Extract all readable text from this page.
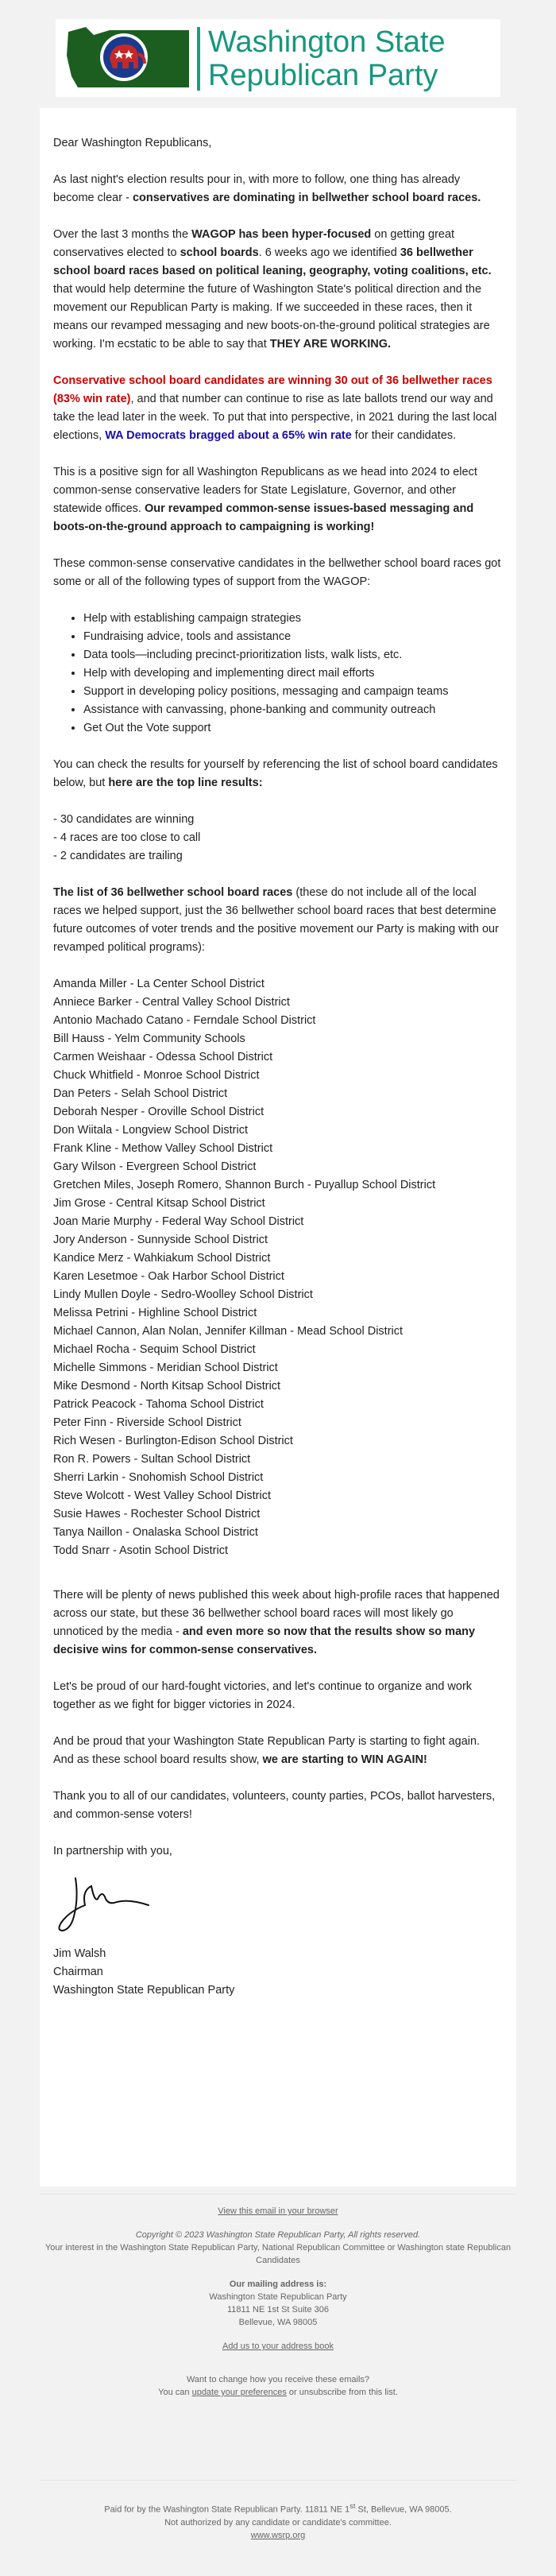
Washington State
Republican Party

Dear Washington Republicans,

As last night's election results pour in, with more to follow, one thing has already become clear - conservatives are dominating in bellwether school board races.

Over the last 3 months the WAGOP has been hyper-focused on getting great conservatives elected to school boards. 6 weeks ago we identified 36 bellwether school board races based on political leaning, geography, voting coalitions, etc. that would help determine the future of Washington State's political direction and the movement our Republican Party is making. If we succeeded in these races, then it means our revamped messaging and new boots-on-the-ground political strategies are working. I'm ecstatic to be able to say that THEY ARE WORKING.

Conservative school board candidates are winning 30 out of 36 bellwether races (83% win rate), and that number can continue to rise as late ballots trend our way and take the lead later in the week. To put that into perspective, in 2021 during the last local elections, WA Democrats bragged about a 65% win rate for their candidates.

This is a positive sign for all Washington Republicans as we head into 2024 to elect common-sense conservative leaders for State Legislature, Governor, and other statewide offices. Our revamped common-sense issues-based messaging and boots-on-the-ground approach to campaigning is working!

These common-sense conservative candidates in the bellwether school board races got some or all of the following types of support from the WAGOP:

• Help with establishing campaign strategies
• Fundraising advice, tools and assistance
• Data tools—including precinct-prioritization lists, walk lists, etc.
• Help with developing and implementing direct mail efforts
• Support in developing policy positions, messaging and campaign teams
• Assistance with canvassing, phone-banking and community outreach
• Get Out the Vote support

You can check the results for yourself by referencing the list of school board candidates below, but here are the top line results:

- 30 candidates are winning
- 4 races are too close to call
- 2 candidates are trailing

The list of 36 bellwether school board races (these do not include all of the local races we helped support, just the 36 bellwether school board races that best determine future outcomes of voter trends and the positive movement our Party is making with our revamped political programs):

Amanda Miller - La Center School District
Anniece Barker - Central Valley School District
Antonio Machado Catano - Ferndale School District
Bill Hauss - Yelm Community Schools
Carmen Weishaar - Odessa School District
Chuck Whitfield - Monroe School District
Dan Peters - Selah School District
Deborah Nesper - Oroville School District
Don Wiitala - Longview School District
Frank Kline - Methow Valley School District
Gary Wilson - Evergreen School District
Gretchen Miles, Joseph Romero, Shannon Burch - Puyallup School District
Jim Grose - Central Kitsap School District
Joan Marie Murphy - Federal Way School District
Jory Anderson - Sunnyside School District
Kandice Merz - Wahkiakum School District
Karen Lesetmoe - Oak Harbor School District
Lindy Mullen Doyle - Sedro-Woolley School District
Melissa Petrini - Highline School District
Michael Cannon, Alan Nolan, Jennifer Killman - Mead School District
Michael Rocha - Sequim School District
Michelle Simmons - Meridian School District
Mike Desmond - North Kitsap School District
Patrick Peacock - Tahoma School District
Peter Finn - Riverside School District
Rich Wesen - Burlington-Edison School District
Ron R. Powers - Sultan School District
Sherri Larkin - Snohomish School District
Steve Wolcott - West Valley School District
Susie Hawes - Rochester School District
Tanya Naillon - Onalaska School District
Todd Snarr - Asotin School District

There will be plenty of news published this week about high-profile races that happened across our state, but these 36 bellwether school board races will most likely go unnoticed by the media - and even more so now that the results show so many decisive wins for common-sense conservatives.

Let's be proud of our hard-fought victories, and let's continue to organize and work together as we fight for bigger victories in 2024.

And be proud that your Washington State Republican Party is starting to fight again. And as these school board results show, we are starting to WIN AGAIN!

Thank you to all of our candidates, volunteers, county parties, PCOs, ballot harvesters, and common-sense voters!

In partnership with you,

Jim Walsh
Chairman
Washington State Republican Party
View this email in your browser
Copyright © 2023 Washington State Republican Party, All rights reserved.
Your interest in the Washington State Republican Party, National Republican Committee or Washington state Republican Candidates
Our mailing address is:
Washington State Republican Party
11811 NE 1st St Suite 306
Bellevue, WA 98005
Add us to your address book
Want to change how you receive these emails?
You can update your preferences or unsubscribe from this list.
Paid for by the Washington State Republican Party. 11811 NE 1st St, Bellevue, WA 98005.
Not authorized by any candidate or candidate's committee.
www.wsrp.org
